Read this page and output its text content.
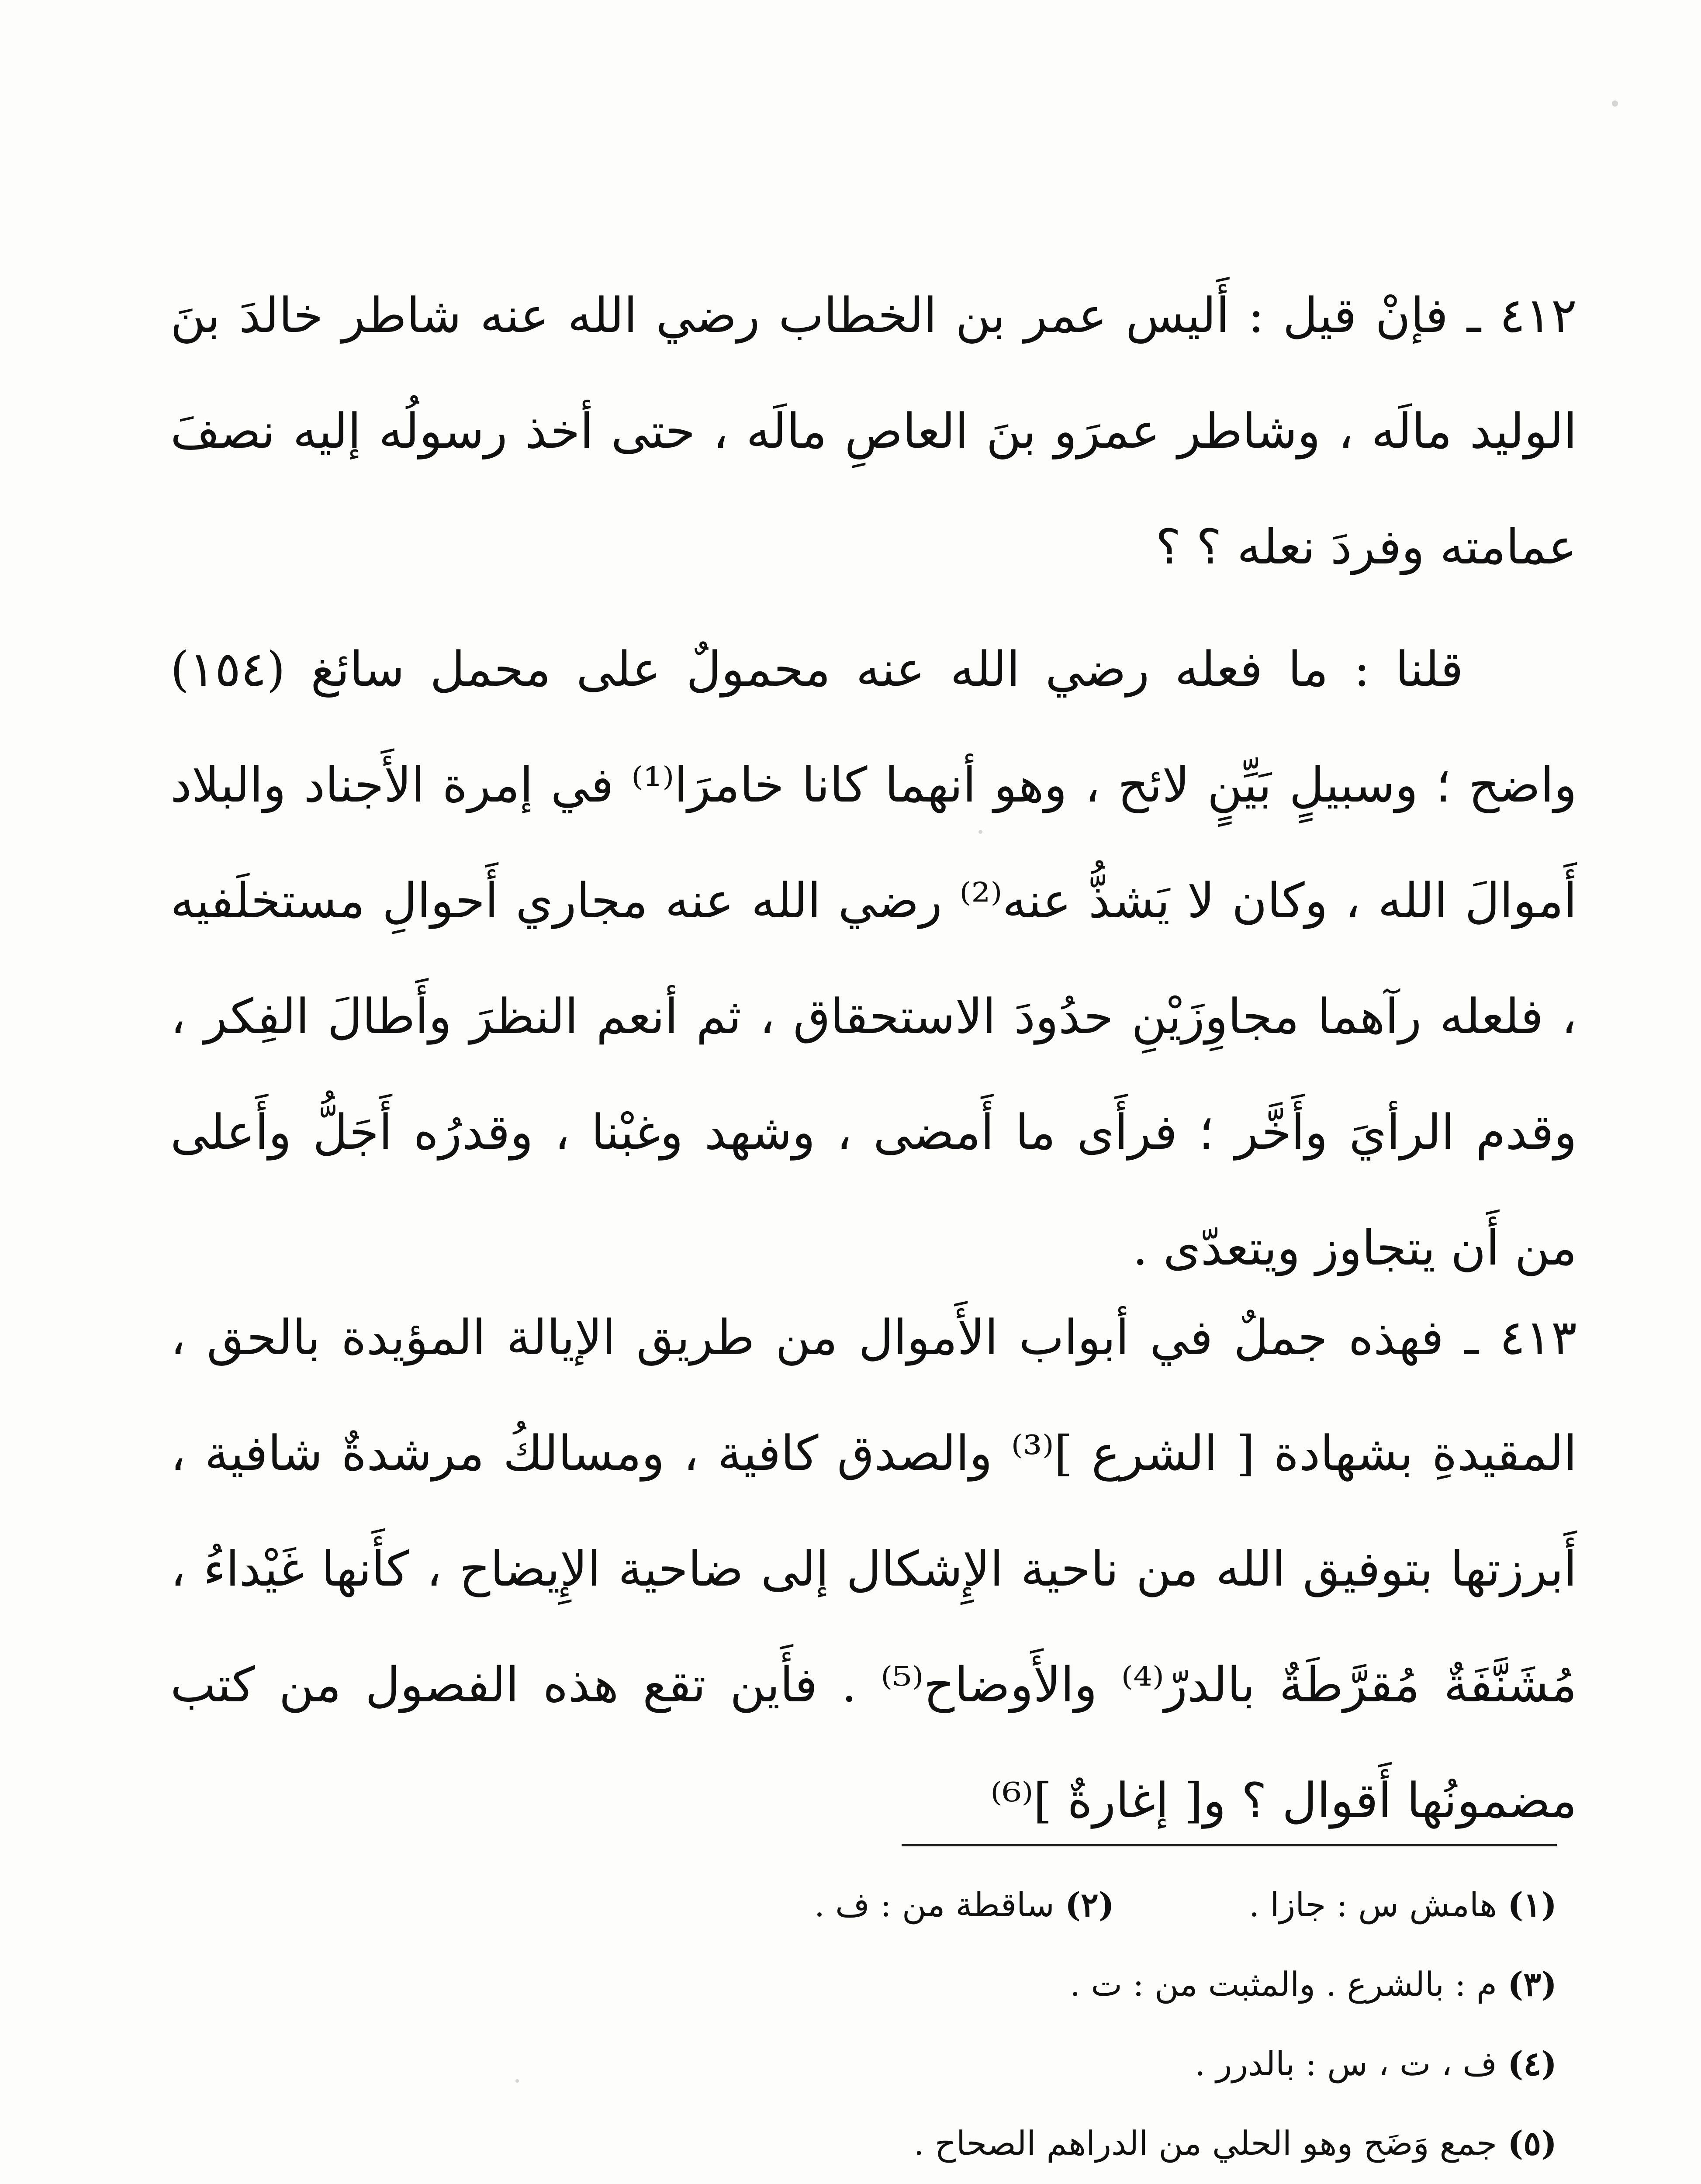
٤١٢ ـ فإنْ قيل : أَليس عمر بن الخطاب رضي الله عنه شاطر خالدَ بنَ الوليد مالَه ، وشاطر عمرَو بنَ العاصِ مالَه ، حتى أخذ رسولُه إليه نصفَ عمامته وفردَ نعله ؟ ؟

قلنا : ما فعله رضي الله عنه محمولٌ على محمل سائغ (١٥٤) واضح ؛ وسبيلٍ بَيِّنٍ لائح ، وهو أنهما كانا خامرَا⁽¹⁾ في إمرة الأَجناد والبلاد أَموالَ الله ، وكان لا يَشذُّ عنه⁽²⁾ رضي الله عنه مجاري أَحوالِ مستخلَفيه ، فلعله رآهما مجاوِزَيْنِ حدُودَ الاستحقاق ، ثم أنعم النظرَ وأَطالَ الفِكر ، وقدم الرأيَ وأَخَّر ؛ فرأَى ما أَمضى ، وشهد وغبْنا ، وقدرُه أَجَلُّ وأَعلى من أَن يتجاوز ويتعدّى .

٤١٣ ـ فهذه جملٌ في أبواب الأَموال من طريق الإيالة المؤيدة بالحق ، المقيدةِ بشهادة [ الشرع ]⁽³⁾ والصدق كافية ، ومسالكُ مرشدةٌ شافية ، أَبرزتها بتوفيق الله من ناحية الإِشكال إلى ضاحية الإِيضاح ، كأَنها غَيْداءُ ، مُشَنَّفَةٌ مُقرَّطَةٌ بالدرّ⁽⁴⁾ والأَوضاح⁽⁵⁾ . فأَين تقع هذه الفصول من كتب مضمونُها أَقوال ؟ و[ إغارةٌ ]⁽⁶⁾

(١) هامش س : جازا .  (٢) ساقطة من : ف .
(٣) م : بالشرع . والمثبت من : ت .
(٤) ف ، ت ، س : بالدرر .
(٥) جمع وَضَح وهو الحلي من الدراهم الصحاح .
